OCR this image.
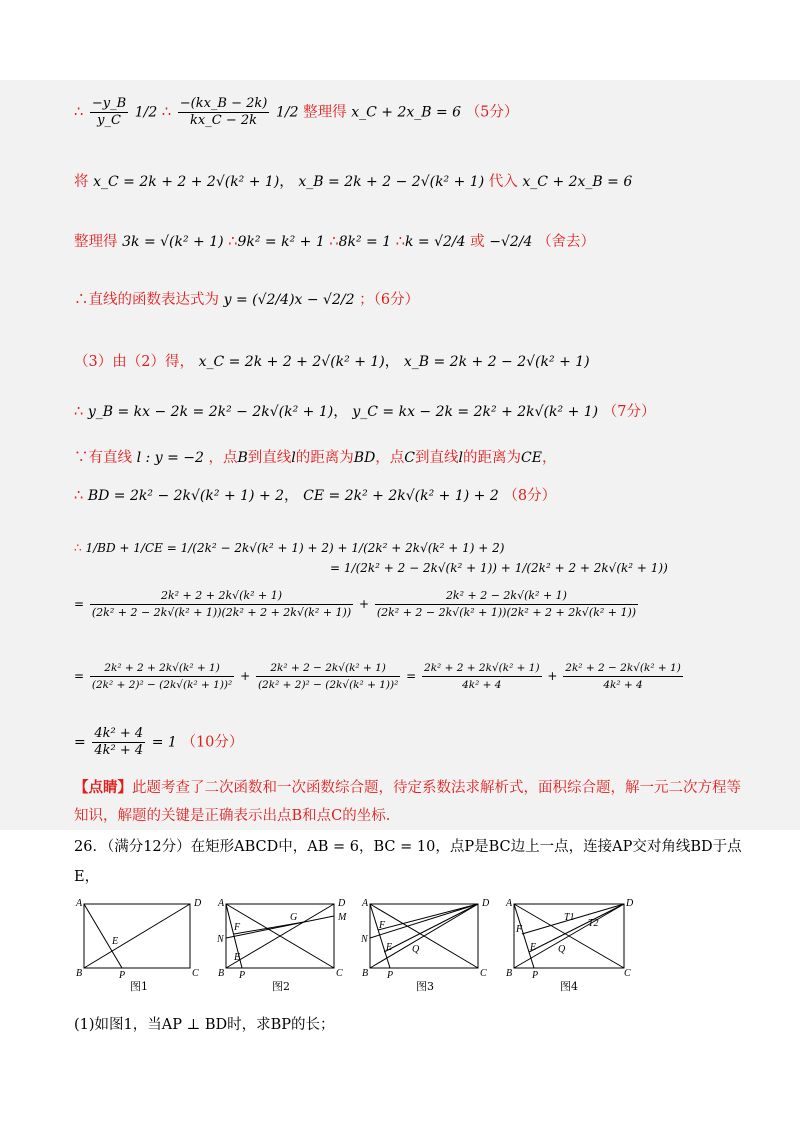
∴ $\frac{-y\_B}{y\_C} 1/2$ ∴ $\frac{-(kx\_B - 2k)}{kx\_C - 2k} 1/2$ 整理得 x_C + 2x_B = 6 （5分）
将 x_C = 2k + 2 + 2√(k² + 1)， x_B = 2k + 2 − 2√(k² + 1) 代入 x_C + 2x_B = 6
整理得 3k = √(k² + 1) ∴9k² = k² + 1 ∴8k² = 1 ∴k = √2/4 或 −√2/4 （舍去）
∴直线的函数表达式为 y = (√2/4)x − √2/2 ；（6分）
（3）由（2）得， x_C = 2k + 2 + 2√(k² + 1)， x_B = 2k + 2 − 2√(k² + 1)
∴ y_B = kx − 2k = 2k² − 2k√(k² + 1)， y_C = kx − 2k = 2k² + 2k√(k² + 1) （7分）
∵有直线 l : y = −2 ，点B到直线l的距离为BD，点C到直线l的距离为CE，
∴ BD = 2k² − 2k√(k² + 1) + 2， CE = 2k² + 2k√(k² + 1) + 2 （8分）
∴ 1/BD + 1/CE = 1/(2k² − 2k√(k² + 1) + 2) + 1/(2k² + 2k√(k² + 1) + 2)
= 1/(2k² + 2 − 2k√(k² + 1)) + 1/(2k² + 2 + 2k√(k² + 1))
= $\frac{\text{2k² + 2 + 2k√(k² + 1)}}{\text{(2k² + 2 − 2k√(k² + 1))(2k² + 2 + 2k√(k² + 1))}} + \frac{\text{2k² + 2 − 2k√(k² + 1)}}{\text{(2k² + 2 − 2k√(k² + 1))(2k² + 2 + 2k√(k² + 1))}}$
= $\frac{\text{2k² + 2 + 2k√(k² + 1)}}{\text{(2k² + 2)² − (2k√(k² + 1))²}} + \frac{\text{2k² + 2 − 2k√(k² + 1)}}{\text{(2k² + 2)² − (2k√(k² + 1))²}} = \frac{\text{2k² + 2 + 2k√(k² + 1)}}{\text{4k² + 4}} + \frac{\text{2k² + 2 − 2k√(k² + 1)}}{\text{4k² + 4}}$
= $\frac{\text{4k² + 4}}{\text{4k² + 4}} = 1$ （10分）
【点睛】此题考查了二次函数和一次函数综合题，待定系数法求解析式，面积综合题，解一元二次方程等
知识，解题的关键是正确表示出点B和点C的坐标.
26．（满分12分）在矩形ABCD中，AB = 6，BC = 10，点P是BC边上一点，连接AP交对角线BD于点
E，
A	D
B	P	C
E
A	D
M
N
F
G
E
B P	C
A	D
N
F
E Q
B P	C
A	D
F
T1
T2
E Q
B P	C
图1	图2	图3	图4
(1)如图1，当AP ⊥ BD时，求BP的长；
